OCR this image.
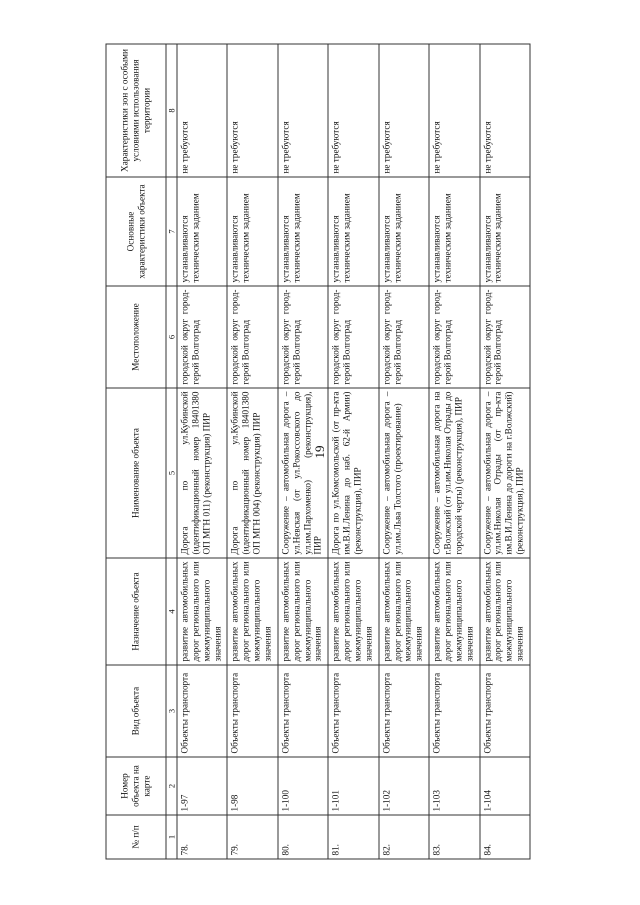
19
№ п/п	Номер объекта на карте	Вид объекта	Назначение объекта	Наименование объекта	Местоположение	Основные характеристики объекта	Характеристики зон с особыми условиями использования территории
1	2	3	4	5	6	7	8
78.	1-97	Объекты транспорта	развитие автомобильных дорог регионального или межмуниципального значения	Дорога по ул.Кубинской (идентификационный номер 18401380 ОП МГН 011) (реконструкция) ПИР	городской округ город-герой Волгоград	устанавливаются техническим заданием	не требуются
79.	1-98	Объекты транспорта	развитие автомобильных дорог регионального или межмуниципального значения	Дорога по ул.Кубинской (идентификационный номер 18401380 ОП МГН 004) (реконструкция) ПИР	городской округ город-герой Волгоград	устанавливаются техническим заданием	не требуются
80.	1-100	Объекты транспорта	развитие автомобильных дорог регионального или межмуниципального значения	Сооружение – автомобильная дорога – ул.Невская (от ул.Рокоссовского до ул.им.Пархоменко) (реконструкция), ПИР	городской округ город-герой Волгоград	устанавливаются техническим заданием	не требуются
81.	1-101	Объекты транспорта	развитие автомобильных дорог регионального или межмуниципального значения	Дорога по ул.Комсомольской (от пр-кта им.В.И.Ленина до наб. 62-й Армии) (реконструкция), ПИР	городской округ город-герой Волгоград	устанавливаются техническим заданием	не требуются
82.	1-102	Объекты транспорта	развитие автомобильных дорог регионального или межмуниципального значения	Сооружение – автомобильная дорога – ул.им.Льва Толстого (проектирование)	городской округ город-герой Волгоград	устанавливаются техническим заданием	не требуются
83.	1-103	Объекты транспорта	развитие автомобильных дорог регионального или межмуниципального значения	Сооружение – автомобильная дорога на г.Волжский (от ул.им.Николая Отрады до городской черты) (реконструкция), ПИР	городской округ город-герой Волгоград	устанавливаются техническим заданием	не требуются
84.	1-104	Объекты транспорта	развитие автомобильных дорог регионального или межмуниципального значения	Сооружение – автомобильная дорога – ул.им.Николая Отрады (от пр-кта им.В.И.Ленина до дороги на г.Волжский) (реконструкция), ПИР	городской округ город-герой Волгоград	устанавливаются техническим заданием	не требуются
